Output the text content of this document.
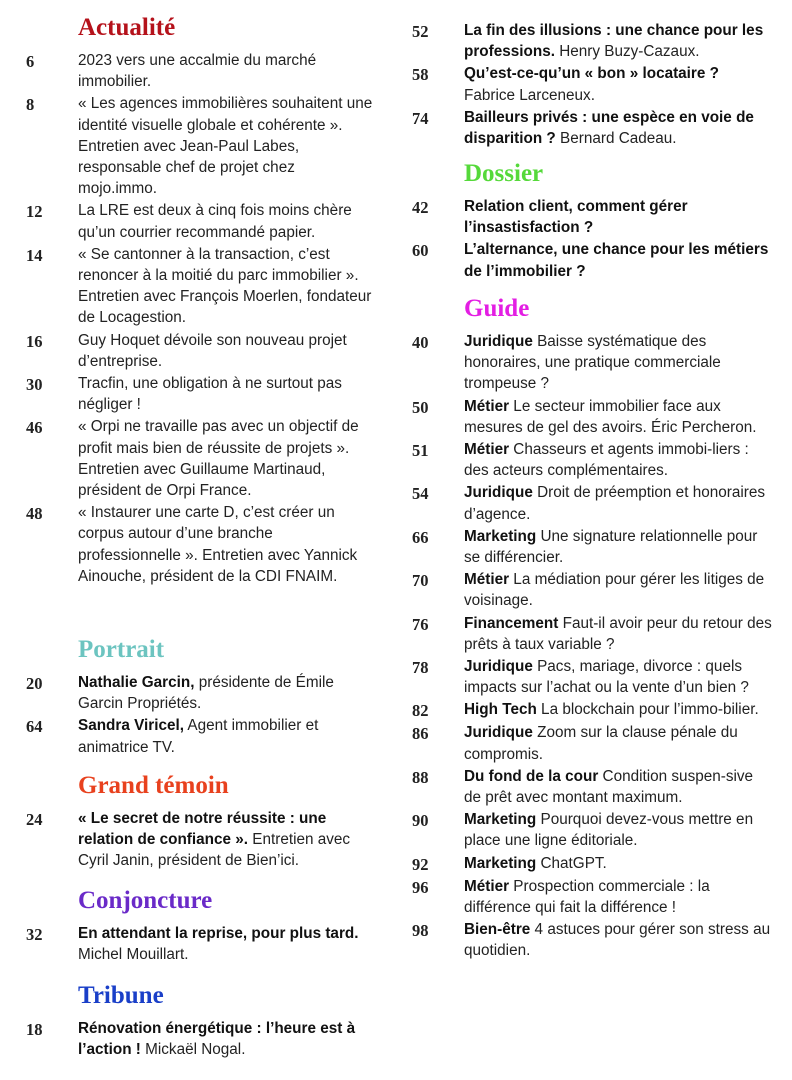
Actualité
6	2023 vers une accalmie du marché immobilier.
8	« Les agences immobilières souhaitent une identité visuelle globale et cohérente ». Entretien avec Jean-Paul Labes, responsable chef de projet chez mojo.immo.
12	La LRE est deux à cinq fois moins chère qu’un courrier recommandé papier.
14	« Se cantonner à la transaction, c’est renoncer à la moitié du parc immobilier ». Entretien avec François Moerlen, fondateur de Locagestion.
16	Guy Hoquet dévoile son nouveau projet d’entreprise.
30	Tracfin, une obligation à ne surtout pas négliger !
46	« Orpi ne travaille pas avec un objectif de profit mais bien de réussite de projets ». Entretien avec Guillaume Martinaud, président de Orpi France.
48	« Instaurer une carte D, c’est créer un corpus autour d’une branche professionnelle ». Entretien avec Yannick Ainouche, président de la CDI FNAIM.
Portrait
20	Nathalie Garcin, présidente de Émile Garcin Propriétés.
64	Sandra Viricel, Agent immobilier et animatrice TV.
Grand témoin
24	« Le secret de notre réussite : une relation de confiance ». Entretien avec Cyril Janin, président de Bien’ici.
Conjoncture
32	En attendant la reprise, pour plus tard. Michel Mouillart.
Tribune
18	Rénovation énergétique : l’heure est à l’action ! Mickaël Nogal.
52	La fin des illusions : une chance pour les professions. Henry Buzy-Cazaux.
58	Qu’est-ce-qu’un « bon » locataire ? Fabrice Larceneux.
74	Bailleurs privés : une espèce en voie de disparition ? Bernard Cadeau.
Dossier
42	Relation client, comment gérer l’insastisfaction ?
60	L’alternance, une chance pour les métiers de l’immobilier ?
Guide
40	Juridique Baisse systématique des honoraires, une pratique commerciale trompeuse ?
50	Métier Le secteur immobilier face aux mesures de gel des avoirs. Éric Percheron.
51	Métier Chasseurs et agents immobi-liers : des acteurs complémentaires.
54	Juridique Droit de préemption et honoraires d’agence.
66	Marketing Une signature relationnelle pour se différencier.
70	Métier La médiation pour gérer les litiges de voisinage.
76	Financement Faut-il avoir peur du retour des prêts à taux variable ?
78	Juridique Pacs, mariage, divorce : quels impacts sur l’achat ou la vente d’un bien ?
82	High Tech La blockchain pour l’immo-bilier.
86	Juridique Zoom sur la clause pénale du compromis.
88	Du fond de la cour Condition suspen-sive de prêt avec montant maximum.
90	Marketing Pourquoi devez-vous mettre en place une ligne éditoriale.
92	Marketing ChatGPT.
96	Métier Prospection commerciale : la différence qui fait la différence !
98	Bien-être 4 astuces pour gérer son stress au quotidien.
